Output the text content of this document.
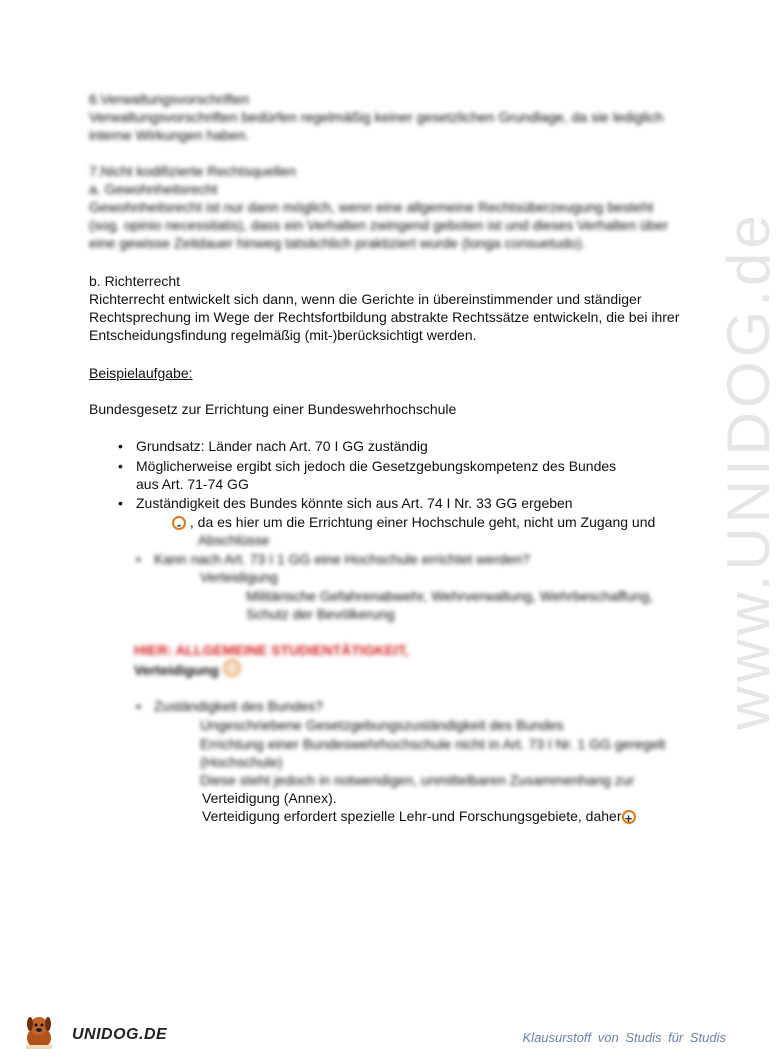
www.UNIDOG.de
6.Verwaltungsvorschriften
Verwaltungsvorschriften bedürfen regelmäßig keiner gesetzlichen Grundlage, da sie lediglich
interne Wirkungen haben.
7.Nicht kodifizierte Rechtsquellen
a. Gewohnheitsrecht
Gewohnheitsrecht ist nur dann möglich, wenn eine allgemeine Rechtsüberzeugung besteht
(sog. opinio necessitatis), dass ein Verhalten zwingend geboten ist und dieses Verhalten über
eine gewisse Zeitdauer hinweg tatsächlich praktiziert wurde (longa consuetudo).
b. Richterrecht
Richterrecht entwickelt sich dann, wenn die Gerichte in übereinstimmender und ständiger
Rechtsprechung im Wege der Rechtsfortbildung abstrakte Rechtssätze entwickeln, die bei ihrer
Entscheidungsfindung regelmäßig (mit-)berücksichtigt werden.
Beispielaufgabe:
Bundesgesetz zur Errichtung einer Bundeswehrhochschule
• Grundsatz: Länder nach Art. 70 I GG zuständig
• Möglicherweise ergibt sich jedoch die Gesetzgebungskompetenz des Bundes
aus Art. 71-74 GG
• Zuständigkeit des Bundes könnte sich aus Art. 74 I Nr. 33 GG ergeben
- , da es hier um die Errichtung einer Hochschule geht, nicht um Zugang und
Abschlüsse
• Kann nach Art. 73 I 1 GG eine Hochschule errichtet werden?
Verteidigung
Militärische Gefahrenabwehr, Wehrverwaltung, Wehrbeschaffung,
Schutz der Bevölkerung
HIER: ALLGEMEINE STUDIENTÄTIGKEIT,
Verteidigung
• Zuständigkeit des Bundes?
Ungeschriebene Gesetzgebungszuständigkeit des Bundes
Errichtung einer Bundeswehrhochschule nicht in Art. 73 I Nr. 1 GG geregelt
(Hochschule)
Diese steht jedoch in notwendigen, unmittelbaren Zusammenhang zur
Verteidigung (Annex).
Verteidigung erfordert spezielle Lehr-und Forschungsgebiete, daher +
UNIDOG.DE	Klausurstoff von Studis für Studis
